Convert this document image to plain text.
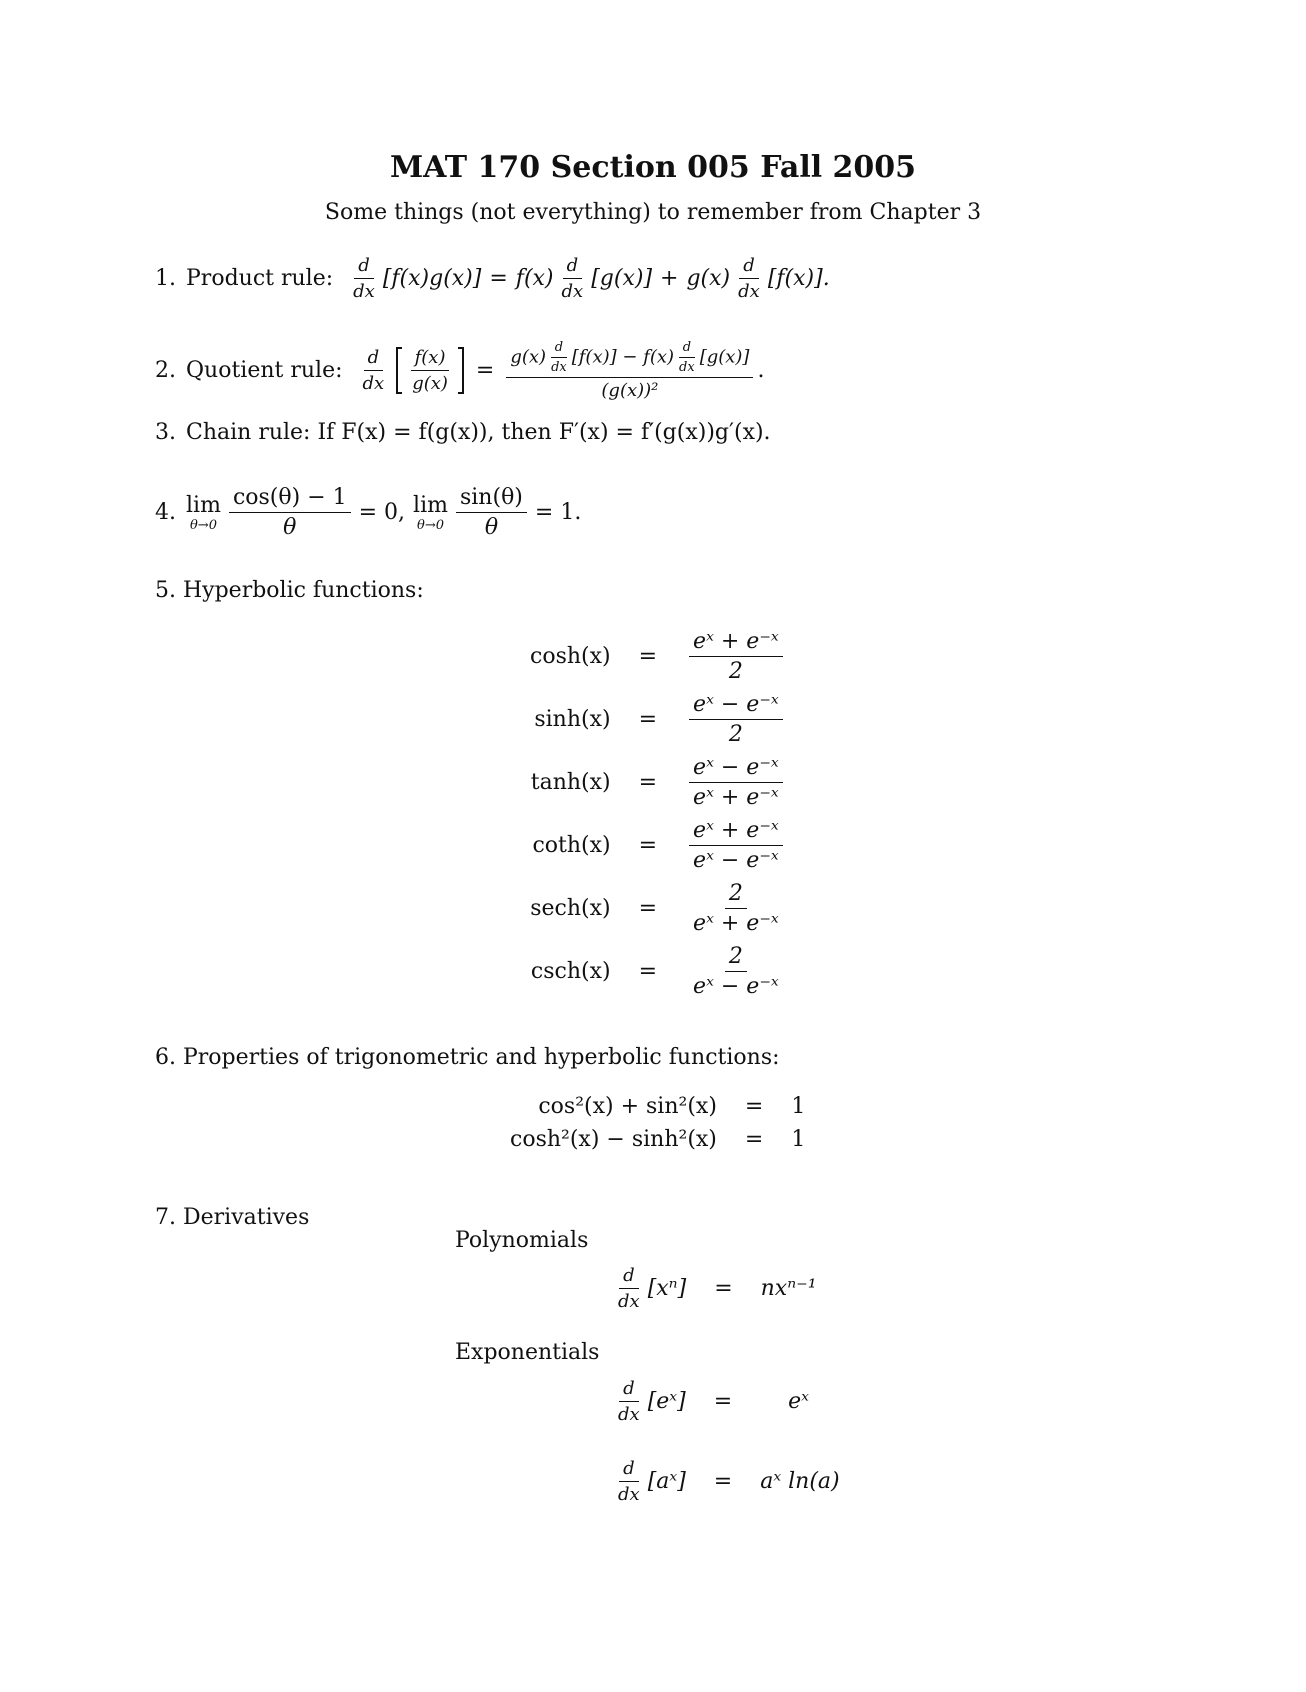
MAT 170 Section 005 Fall 2005
Some things (not everything) to remember from Chapter 3
1. Product rule: $\frac{d}{dx} [f(x)g(x)] = f(x) \frac{d}{dx} [g(x)] + g(x) \frac{d}{dx} [f(x)]$.
2. Quotient rule: $\frac{d}{dx} \frac{f(x)}{g(x)} = \frac{g(x) \frac{d}{dx} [f(x)] - f(x) \frac{d}{dx} [g(x)]}{\text{(g(x))²}}$ .
3. Chain rule: If F(x) = f(g(x)), then F′(x) = f′(g(x))g′(x).
4. lim
$\theta\to 0 \frac{\cos(\theta) - 1}{\theta} = 0$, lim
$\theta\to 0 \frac{\sin(\theta)}{\theta} = 1$.
5. Hyperbolic functions:
cosh(x)	=	$\frac{\text{eˣ + e⁻ˣ}}{2}$

sinh(x)	=	$\frac{\text{eˣ − e⁻ˣ}}{2}$

tanh(x)	=	$\frac{\text{eˣ − e⁻ˣ}}{\text{eˣ + e⁻ˣ}}$

coth(x)	=	$\frac{\text{eˣ + e⁻ˣ}}{\text{eˣ − e⁻ˣ}}$

sech(x)	=	$\frac{2}{\text{eˣ + e⁻ˣ}}$

csch(x)	=	$\frac{2}{\text{eˣ − e⁻ˣ}}$
6. Properties of trigonometric and hyperbolic functions:
cos²(x) + sin²(x)	=	1
cosh²(x) − sinh²(x)	=	1
7. Derivatives
Polynomials
$\frac{d}{dx} [x^n] = nx^{n-1}$
Exponentials
$\frac{d}{dx}$ [eˣ] =	eˣ
$\frac{d}{dx}$ [aˣ] = aˣ ln(a)
